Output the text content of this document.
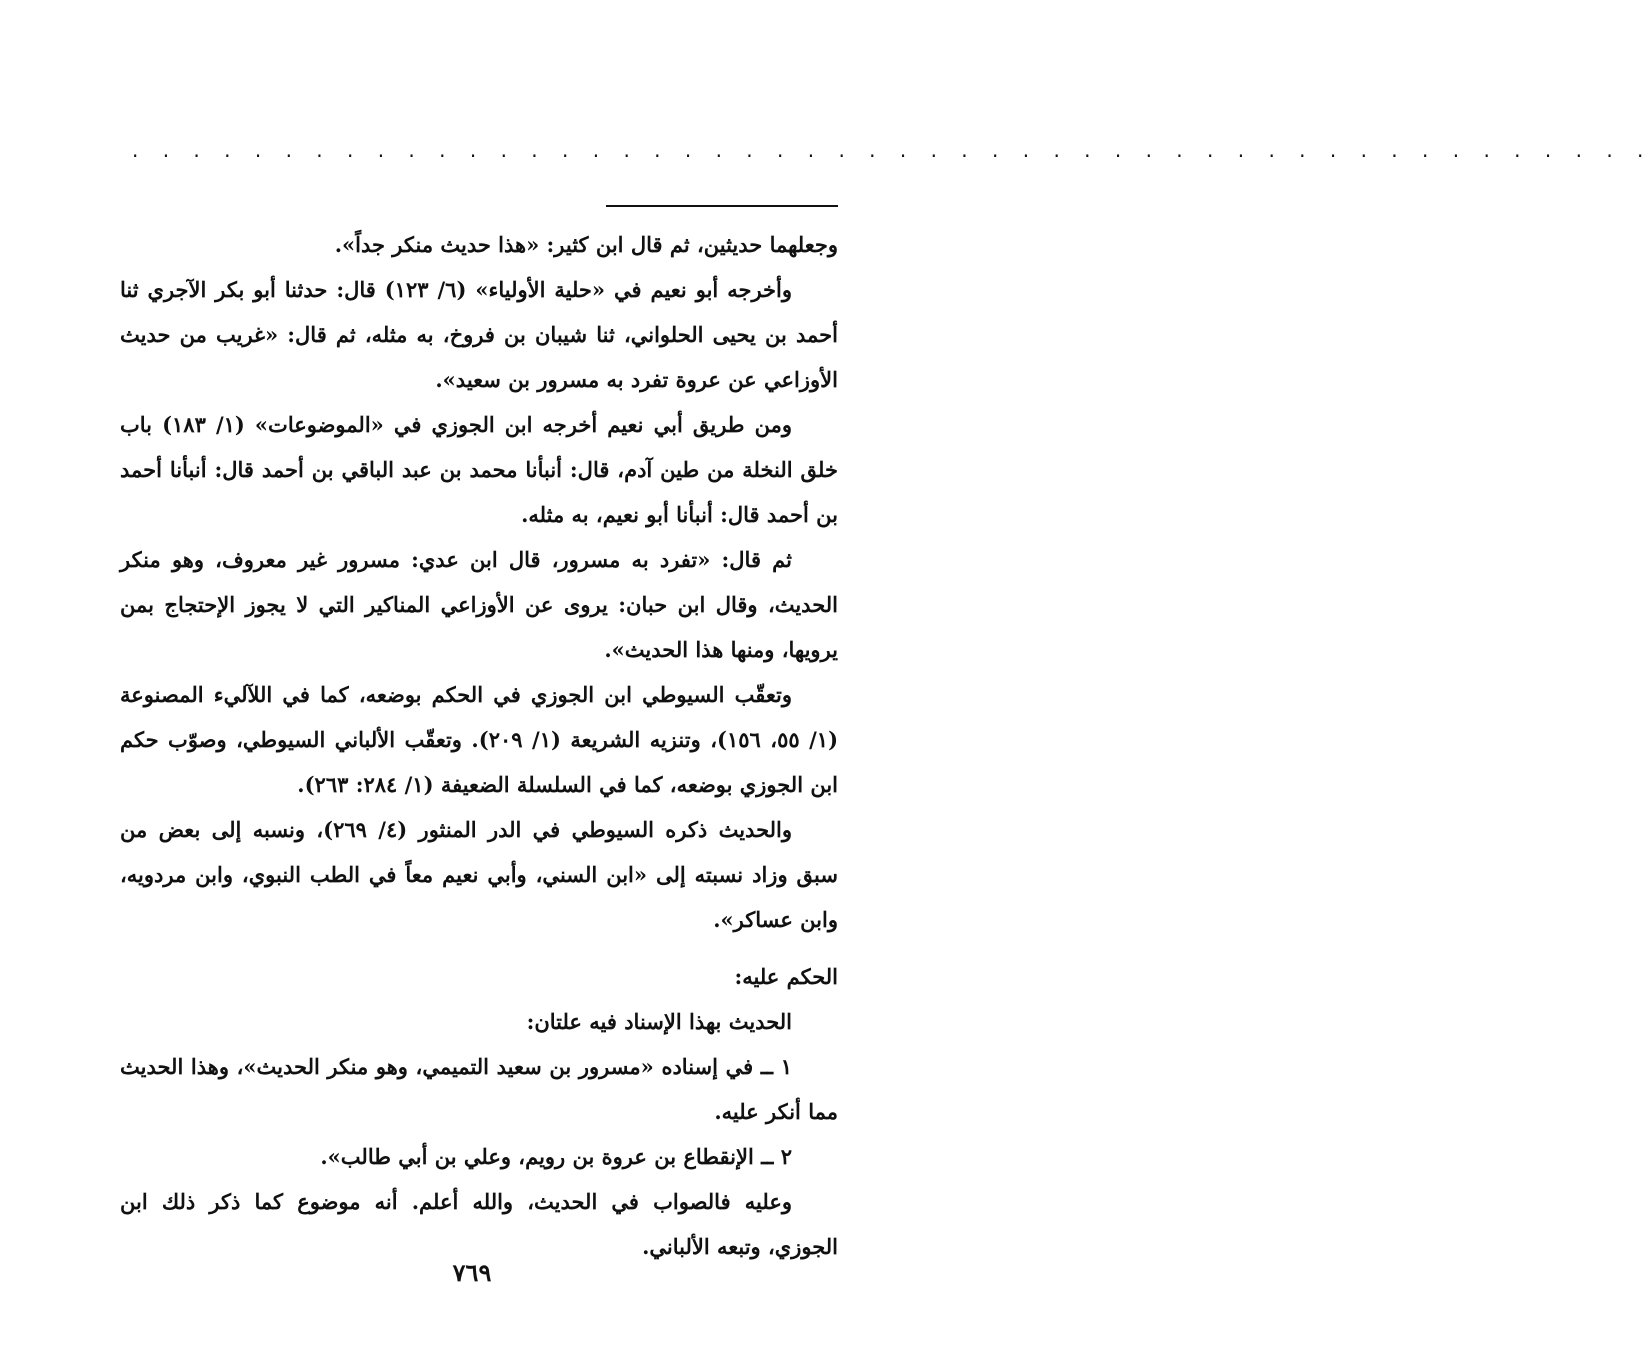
. . . . . . . . . . . . . . . . . . . . . . . . . . . . . . . . . . . . . . . . . . . . . . . . . .

وجعلهما حديثين، ثم قال ابن كثير: «هذا حديث منكر جداً».

وأخرجه أبو نعيم في «حلية الأولياء» (٦/ ١٢٣) قال: حدثنا أبو بكر الآجري ثنا أحمد بن يحيى الحلواني، ثنا شيبان بن فروخ، به مثله، ثم قال: «غريب من حديث الأوزاعي عن عروة تفرد به مسرور بن سعيد».

ومن طريق أبي نعيم أخرجه ابن الجوزي في «الموضوعات» (١/ ١٨٣) باب خلق النخلة من طين آدم، قال: أنبأنا محمد بن عبد الباقي بن أحمد قال: أنبأنا أحمد بن أحمد قال: أنبأنا أبو نعيم، به مثله.

ثم قال: «تفرد به مسرور، قال ابن عدي: مسرور غير معروف، وهو منكر الحديث، وقال ابن حبان: يروى عن الأوزاعي المناكير التي لا يجوز الإحتجاج بمن يرويها، ومنها هذا الحديث».

وتعقّب السيوطي ابن الجوزي في الحكم بوضعه، كما في اللآليء المصنوعة (١/ ٥٥، ١٥٦)، وتنزيه الشريعة (١/ ٢٠٩). وتعقّب الألباني السيوطي، وصوّب حكم ابن الجوزي بوضعه، كما في السلسلة الضعيفة (١/ ٢٨٤: ٢٦٣).

والحديث ذكره السيوطي في الدر المنثور (٤/ ٢٦٩)، ونسبه إلى بعض من سبق وزاد نسبته إلى «ابن السني، وأبي نعيم معاً في الطب النبوي، وابن مردويه، وابن عساكر».

الحكم عليه:

الحديث بهذا الإسناد فيه علتان:

١ ــ في إسناده «مسرور بن سعيد التميمي، وهو منكر الحديث»، وهذا الحديث مما أنكر عليه.

٢ ــ الإنقطاع بن عروة بن رويم، وعلي بن أبي طالب».

وعليه فالصواب في الحديث، والله أعلم. أنه موضوع كما ذكر ذلك ابن الجوزي، وتبعه الألباني.

٧٦٩
